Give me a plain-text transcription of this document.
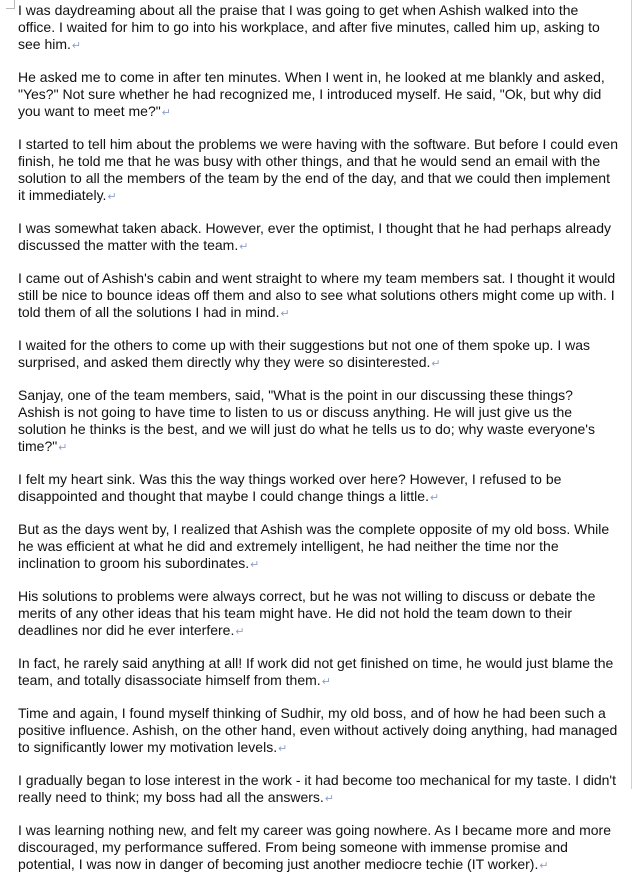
I was daydreaming about all the praise that I was going to get when Ashish walked into the office. I waited for him to go into his workplace, and after five minutes, called him up, asking to see him.↵

He asked me to come in after ten minutes. When I went in, he looked at me blankly and asked, "Yes?" Not sure whether he had recognized me, I introduced myself. He said, "Ok, but why did you want to meet me?"↵

I started to tell him about the problems we were having with the software. But before I could even finish, he told me that he was busy with other things, and that he would send an email with the solution to all the members of the team by the end of the day, and that we could then implement it immediately.↵

I was somewhat taken aback. However, ever the optimist, I thought that he had perhaps already discussed the matter with the team.↵

I came out of Ashish's cabin and went straight to where my team members sat. I thought it would still be nice to bounce ideas off them and also to see what solutions others might come up with. I told them of all the solutions I had in mind.↵

I waited for the others to come up with their suggestions but not one of them spoke up. I was surprised, and asked them directly why they were so disinterested.↵

Sanjay, one of the team members, said, "What is the point in our discussing these things? Ashish is not going to have time to listen to us or discuss anything. He will just give us the solution he thinks is the best, and we will just do what he tells us to do; why waste everyone's time?"↵

I felt my heart sink. Was this the way things worked over here? However, I refused to be disappointed and thought that maybe I could change things a little.↵

But as the days went by, I realized that Ashish was the complete opposite of my old boss. While he was efficient at what he did and extremely intelligent, he had neither the time nor the inclination to groom his subordinates.↵

His solutions to problems were always correct, but he was not willing to discuss or debate the merits of any other ideas that his team might have. He did not hold the team down to their deadlines nor did he ever interfere.↵

In fact, he rarely said anything at all! If work did not get finished on time, he would just blame the team, and totally disassociate himself from them.↵

Time and again, I found myself thinking of Sudhir, my old boss, and of how he had been such a positive influence. Ashish, on the other hand, even without actively doing anything, had managed to significantly lower my motivation levels.↵

I gradually began to lose interest in the work - it had become too mechanical for my taste. I didn't really need to think; my boss had all the answers.↵

I was learning nothing new, and felt my career was going nowhere. As I became more and more discouraged, my performance suffered. From being someone with immense promise and potential, I was now in danger of becoming just another mediocre techie (IT worker).↵
